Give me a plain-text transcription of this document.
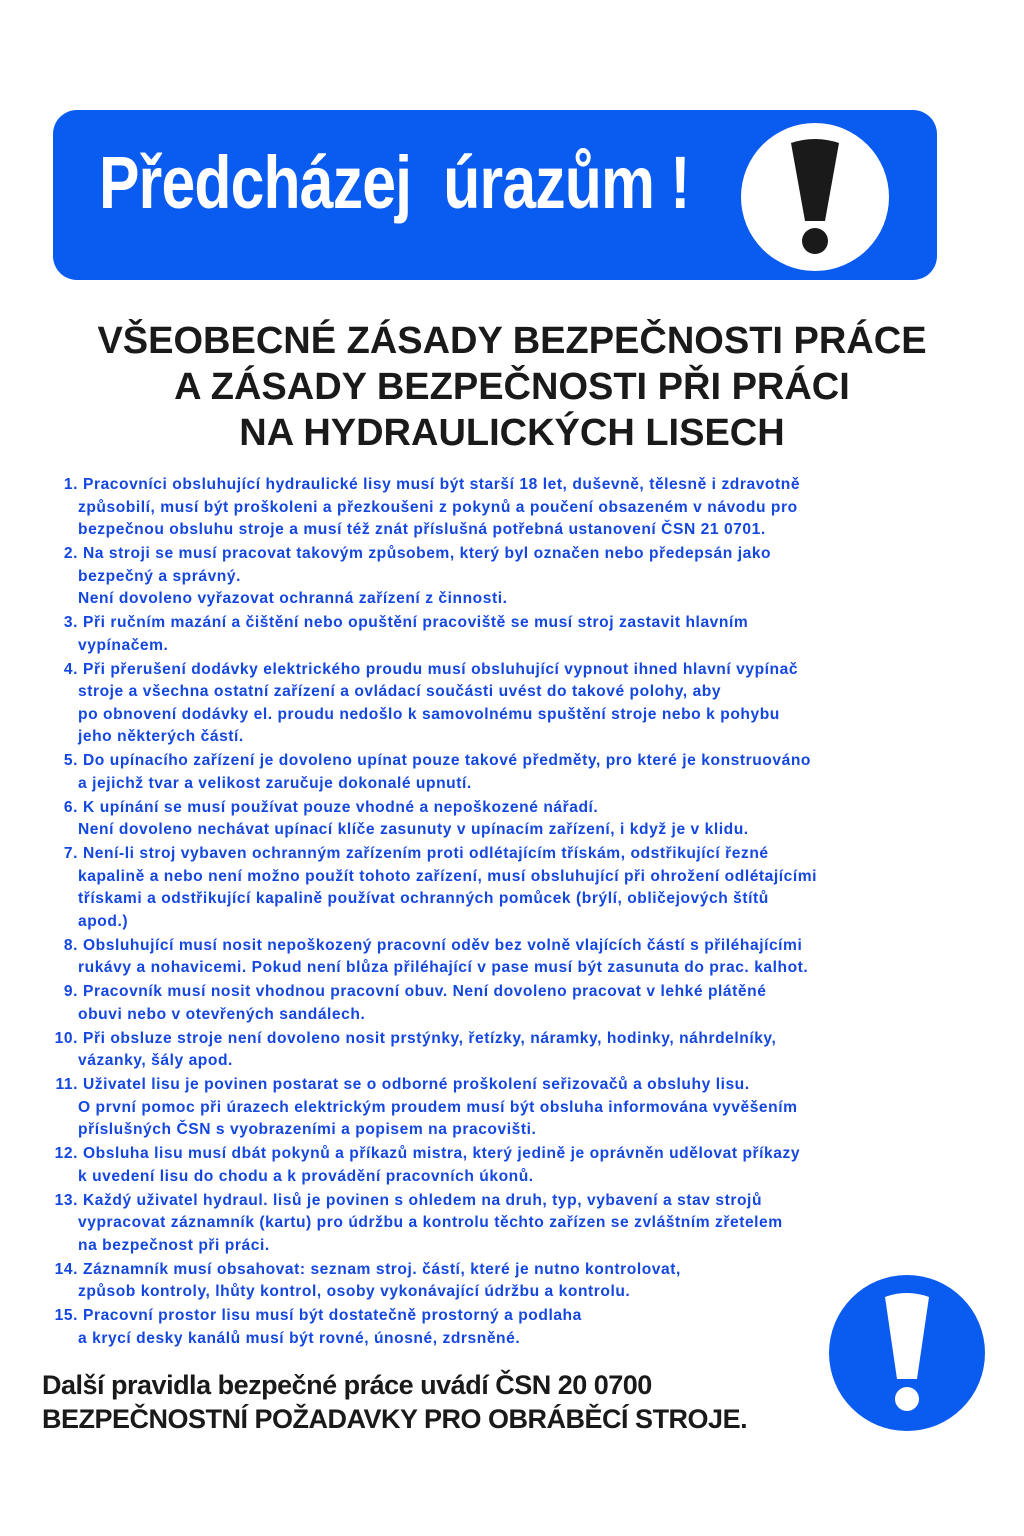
Předcházej  úrazům !
VŠEOBECNÉ ZÁSADY BEZPEČNOSTI PRÁCE
A ZÁSADY BEZPEČNOSTI PŘI PRÁCI
NA HYDRAULICKÝCH LISECH
1. Pracovníci obsluhující hydraulické lisy musí být starší 18 let, duševně, tělesně i zdravotně
způsobilí, musí být proškoleni a přezkoušeni z pokynů a poučení obsazeném v návodu pro
bezpečnou obsluhu stroje a musí též znát příslušná potřebná ustanovení ČSN 21 0701.
2. Na stroji se musí pracovat takovým způsobem, který byl označen nebo předepsán jako
bezpečný a správný.
Není dovoleno vyřazovat ochranná zařízení z činnosti.
3. Při ručním mazání a čištění nebo opuštění pracoviště se musí stroj zastavit hlavním
vypínačem.
4. Při přerušení dodávky elektrického proudu musí obsluhující vypnout ihned hlavní vypínač
stroje a všechna ostatní zařízení a ovládací součásti uvést do takové polohy, aby
po obnovení dodávky el. proudu nedošlo k samovolnému spuštění stroje nebo k pohybu
jeho některých částí.
5. Do upínacího zařízení je dovoleno upínat pouze takové předměty, pro které je konstruováno
a jejichž tvar a velikost zaručuje dokonalé upnutí.
6. K upínání se musí používat pouze vhodné a nepoškozené nářadí.
Není dovoleno nechávat upínací klíče zasunuty v upínacím zařízení, i když je v klidu.
7. Není-li stroj vybaven ochranným zařízením proti odlétajícím třískám, odstřikující řezné
kapalině a nebo není možno použít tohoto zařízení, musí obsluhující při ohrožení odlétajícími
třískami a odstřikující kapalině používat ochranných pomůcek (brýlí, obličejových štítů
apod.)
8. Obsluhující musí nosit nepoškozený pracovní oděv bez volně vlajících částí s přiléhajícími
rukávy a nohavicemi. Pokud není blůza přiléhající v pase musí být zasunuta do prac. kalhot.
9. Pracovník musí nosit vhodnou pracovní obuv. Není dovoleno pracovat v lehké plátěné
obuvi nebo v otevřených sandálech.
10. Při obsluze stroje není dovoleno nosit prstýnky, řetízky, náramky, hodinky, náhrdelníky,
vázanky, šály apod.
11. Uživatel lisu je povinen postarat se o odborné proškolení seřizovačů a obsluhy lisu.
O první pomoc při úrazech elektrickým proudem musí být obsluha informována vyvěšením
příslušných ČSN s vyobrazeními a popisem na pracovišti.
12. Obsluha lisu musí dbát pokynů a příkazů mistra, který jedině je oprávněn udělovat příkazy
k uvedení lisu do chodu a k provádění pracovních úkonů.
13. Každý uživatel hydraul. lisů je povinen s ohledem na druh, typ, vybavení a stav strojů
vypracovat záznamník (kartu) pro údržbu a kontrolu těchto zařízen se zvláštním zřetelem
na bezpečnost při práci.
14. Záznamník musí obsahovat: seznam stroj. částí, které je nutno kontrolovat,
způsob kontroly, lhůty kontrol, osoby vykonávající údržbu a kontrolu.
15. Pracovní prostor lisu musí být dostatečně prostorný a podlaha
a krycí desky kanálů musí být rovné, únosné, zdrsněné.
Další pravidla bezpečné práce uvádí ČSN 20 0700
BEZPEČNOSTNÍ POŽADAVKY PRO OBRÁBĚCÍ STROJE.
